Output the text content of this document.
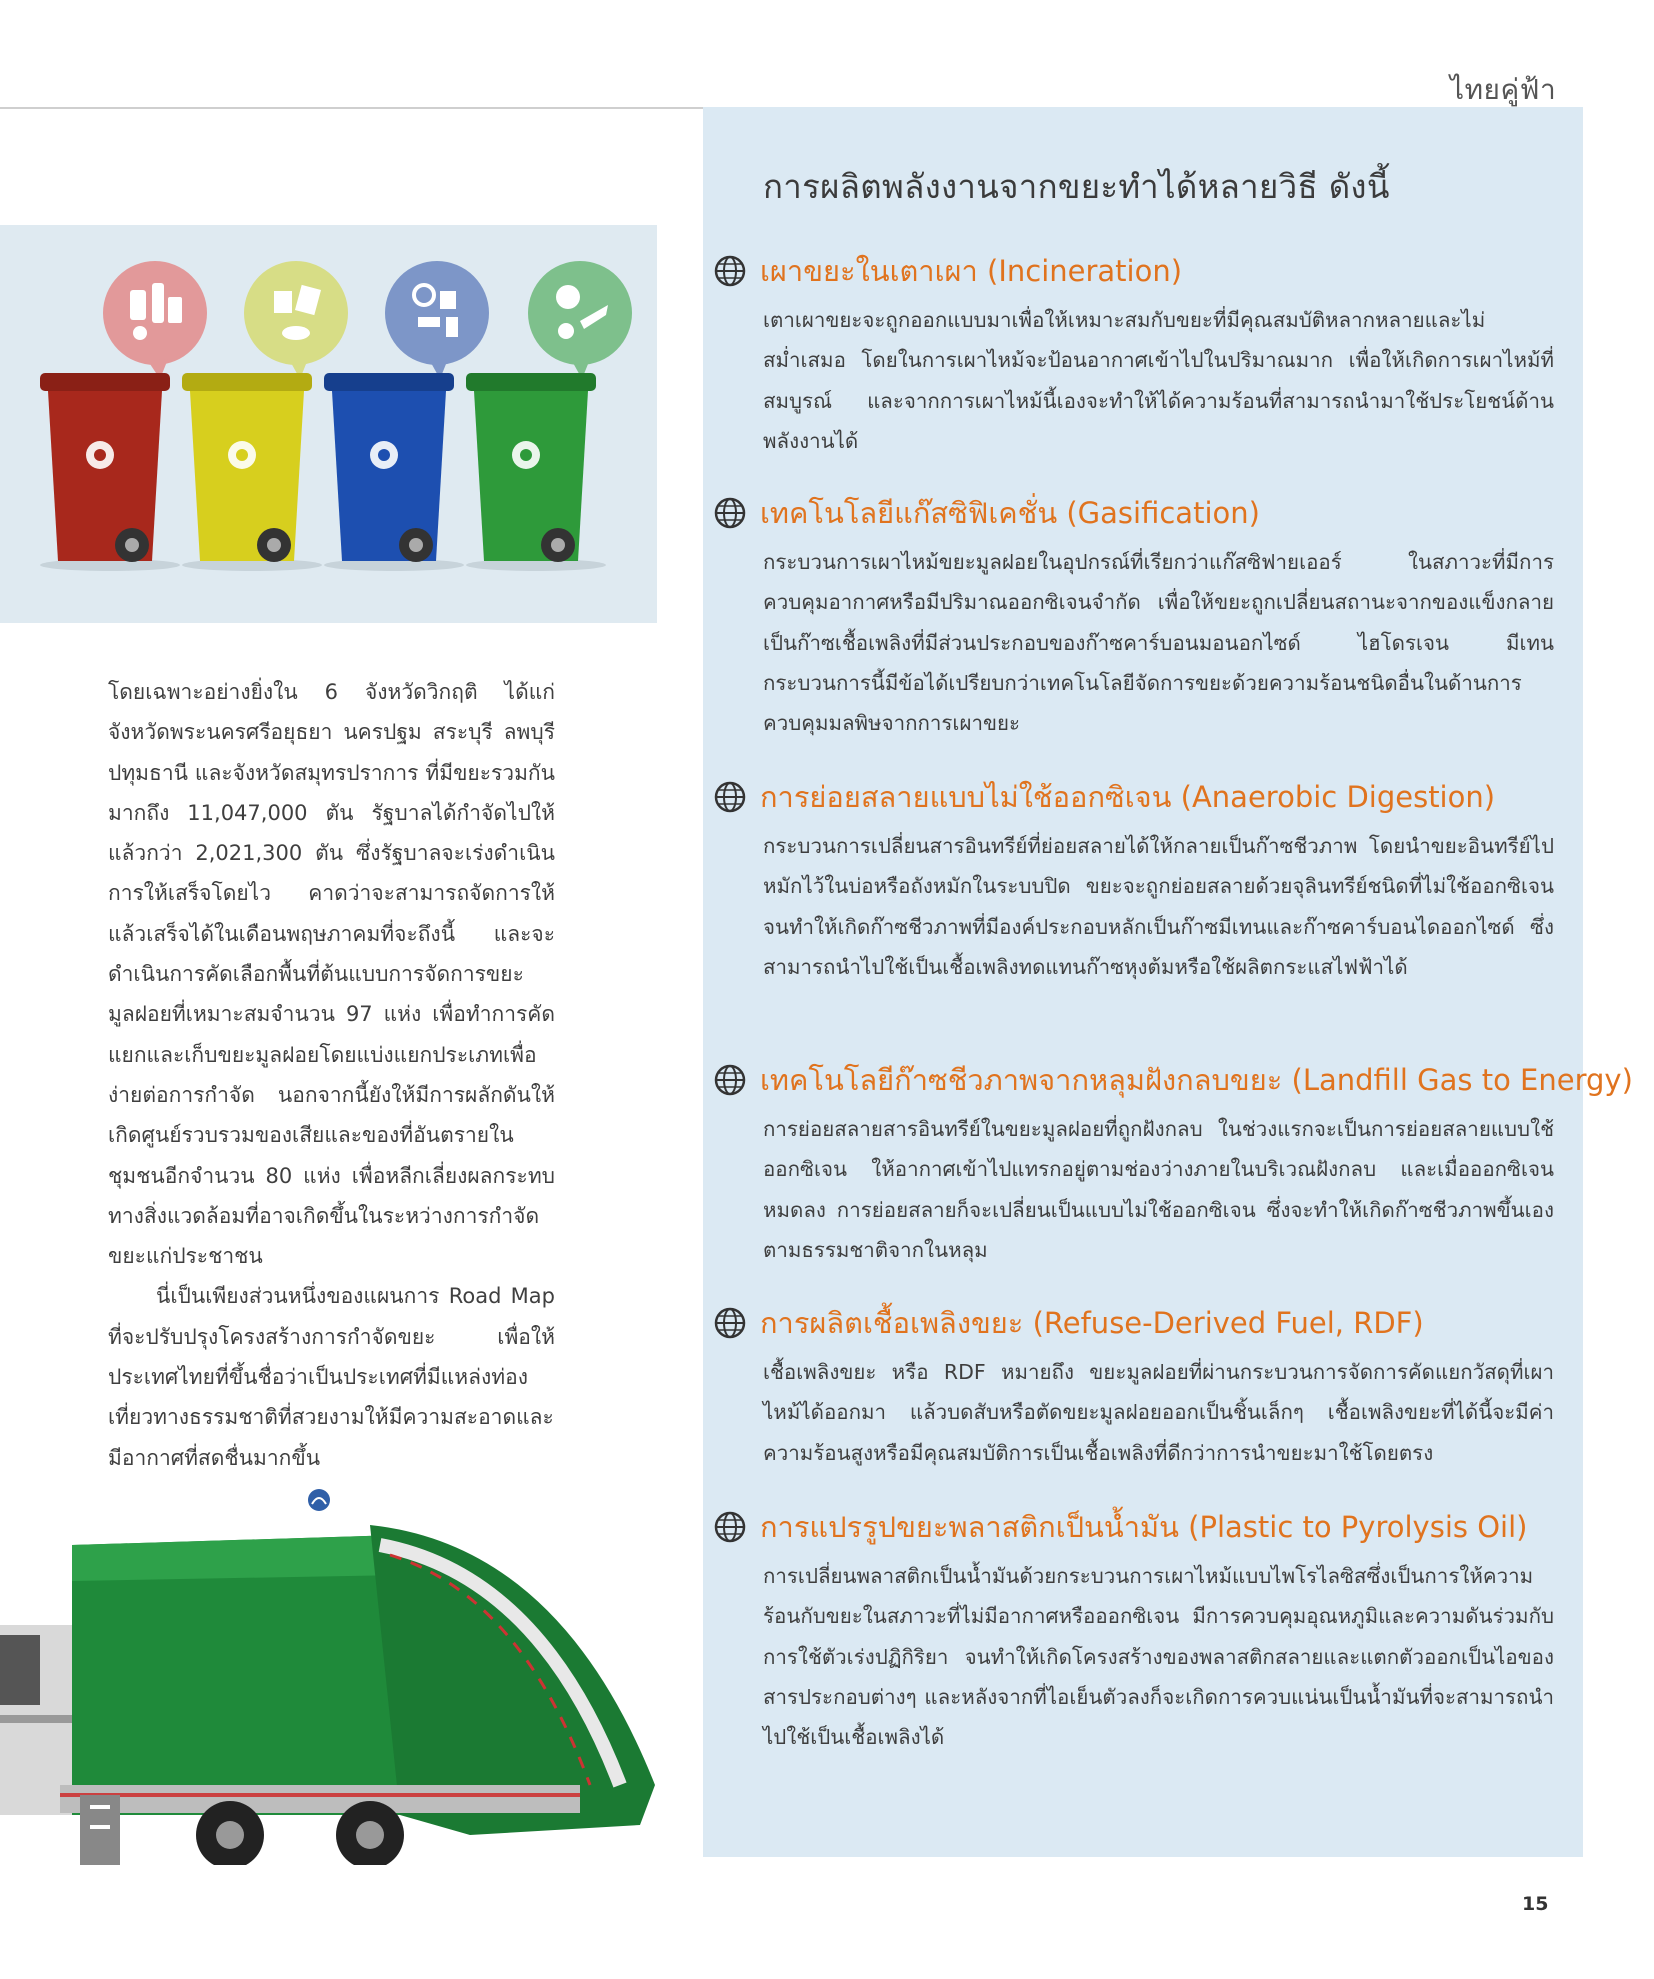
ไทยคู่ฟ้า

โดยเฉพาะอย่างยิ่งใน 6 จังหวัดวิกฤติ ได้แก่ จังหวัดพระนครศรีอยุธยา นครปฐม สระบุรี ลพบุรี ปทุมธานี และจังหวัดสมุทรปราการ ที่มีขยะรวมกันมากถึง 11,047,000 ตัน รัฐบาลได้กำจัดไปให้แล้วกว่า 2,021,300 ตัน ซึ่งรัฐบาลจะเร่งดำเนินการให้เสร็จโดยไว คาดว่าจะสามารถจัดการให้แล้วเสร็จได้ในเดือนพฤษภาคมที่จะถึงนี้ และจะดำเนินการคัดเลือกพื้นที่ต้นแบบการจัดการขยะมูลฝอยที่เหมาะสมจำนวน 97 แห่ง เพื่อทำการคัดแยกและเก็บขยะมูลฝอยโดยแบ่งแยกประเภทเพื่อง่ายต่อการกำจัด นอกจากนี้ยังให้มีการผลักดันให้เกิดศูนย์รวบรวมของเสียและของที่อันตรายในชุมชนอีกจำนวน 80 แห่ง เพื่อหลีกเลี่ยงผลกระทบทางสิ่งแวดล้อมที่อาจเกิดขึ้นในระหว่างการกำจัดขยะแก่ประชาชน

นี่เป็นเพียงส่วนหนึ่งของแผนการ Road Map ที่จะปรับปรุงโครงสร้างการกำจัดขยะ เพื่อให้ประเทศไทยที่ขึ้นชื่อว่าเป็นประเทศที่มีแหล่งท่องเที่ยวทางธรรมชาติที่สวยงามให้มีความสะอาดและมีอากาศที่สดชื่นมากขึ้น

การผลิตพลังงานจากขยะทำได้หลายวิธี ดังนี้
เผาขยะในเตาเผา (Incineration)
เตาเผาขยะจะถูกออกแบบมาเพื่อให้เหมาะสมกับขยะที่มีคุณสมบัติหลากหลายและไม่สม่ำเสมอ โดยในการเผาไหม้จะป้อนอากาศเข้าไปในปริมาณมาก เพื่อให้เกิดการเผาไหม้ที่สมบูรณ์ และจากการเผาไหม้นี้เองจะทำให้ได้ความร้อนที่สามารถนำมาใช้ประโยชน์ด้านพลังงานได้
เทคโนโลยีแก๊สซิฟิเคชั่น (Gasification)
กระบวนการเผาไหม้ขยะมูลฝอยในอุปกรณ์ที่เรียกว่าแก๊สซิฟายเออร์ ในสภาวะที่มีการควบคุมอากาศหรือมีปริมาณออกซิเจนจำกัด เพื่อให้ขยะถูกเปลี่ยนสถานะจากของแข็งกลายเป็นก๊าซเชื้อเพลิงที่มีส่วนประกอบของก๊าซคาร์บอนมอนอกไซด์ ไฮโดรเจน มีเทน กระบวนการนี้มีข้อได้เปรียบกว่าเทคโนโลยีจัดการขยะด้วยความร้อนชนิดอื่นในด้านการควบคุมมลพิษจากการเผาขยะ
การย่อยสลายแบบไม่ใช้ออกซิเจน (Anaerobic Digestion)
กระบวนการเปลี่ยนสารอินทรีย์ที่ย่อยสลายได้ให้กลายเป็นก๊าซชีวภาพ โดยนำขยะอินทรีย์ไปหมักไว้ในบ่อหรือถังหมักในระบบปิด ขยะจะถูกย่อยสลายด้วยจุลินทรีย์ชนิดที่ไม่ใช้ออกซิเจนจนทำให้เกิดก๊าซชีวภาพที่มีองค์ประกอบหลักเป็นก๊าซมีเทนและก๊าซคาร์บอนไดออกไซด์ ซึ่งสามารถนำไปใช้เป็นเชื้อเพลิงทดแทนก๊าซหุงต้มหรือใช้ผลิตกระแสไฟฟ้าได้
เทคโนโลยีก๊าซชีวภาพจากหลุมฝังกลบขยะ (Landfill Gas to Energy)
การย่อยสลายสารอินทรีย์ในขยะมูลฝอยที่ถูกฝังกลบ ในช่วงแรกจะเป็นการย่อยสลายแบบใช้ออกซิเจน ให้อากาศเข้าไปแทรกอยู่ตามช่องว่างภายในบริเวณฝังกลบ และเมื่อออกซิเจนหมดลง การย่อยสลายก็จะเปลี่ยนเป็นแบบไม่ใช้ออกซิเจน ซึ่งจะทำให้เกิดก๊าซชีวภาพขึ้นเองตามธรรมชาติจากในหลุม
การผลิตเชื้อเพลิงขยะ (Refuse-Derived Fuel, RDF)
เชื้อเพลิงขยะ หรือ RDF หมายถึง ขยะมูลฝอยที่ผ่านกระบวนการจัดการคัดแยกวัสดุที่เผาไหม้ได้ออกมา แล้วบดสับหรือตัดขยะมูลฝอยออกเป็นชิ้นเล็กๆ เชื้อเพลิงขยะที่ได้นี้จะมีค่าความร้อนสูงหรือมีคุณสมบัติการเป็นเชื้อเพลิงที่ดีกว่าการนำขยะมาใช้โดยตรง
การแปรรูปขยะพลาสติกเป็นน้ำมัน (Plastic to Pyrolysis Oil)
การเปลี่ยนพลาสติกเป็นน้ำมันด้วยกระบวนการเผาไหม้แบบไพโรไลซิสซึ่งเป็นการให้ความร้อนกับขยะในสภาวะที่ไม่มีอากาศหรือออกซิเจน มีการควบคุมอุณหภูมิและความดันร่วมกับการใช้ตัวเร่งปฏิกิริยา จนทำให้เกิดโครงสร้างของพลาสติกสลายและแตกตัวออกเป็นไอของสารประกอบต่างๆ และหลังจากที่ไอเย็นตัวลงก็จะเกิดการควบแน่นเป็นน้ำมันที่จะสามารถนำไปใช้เป็นเชื้อเพลิงได้
15
